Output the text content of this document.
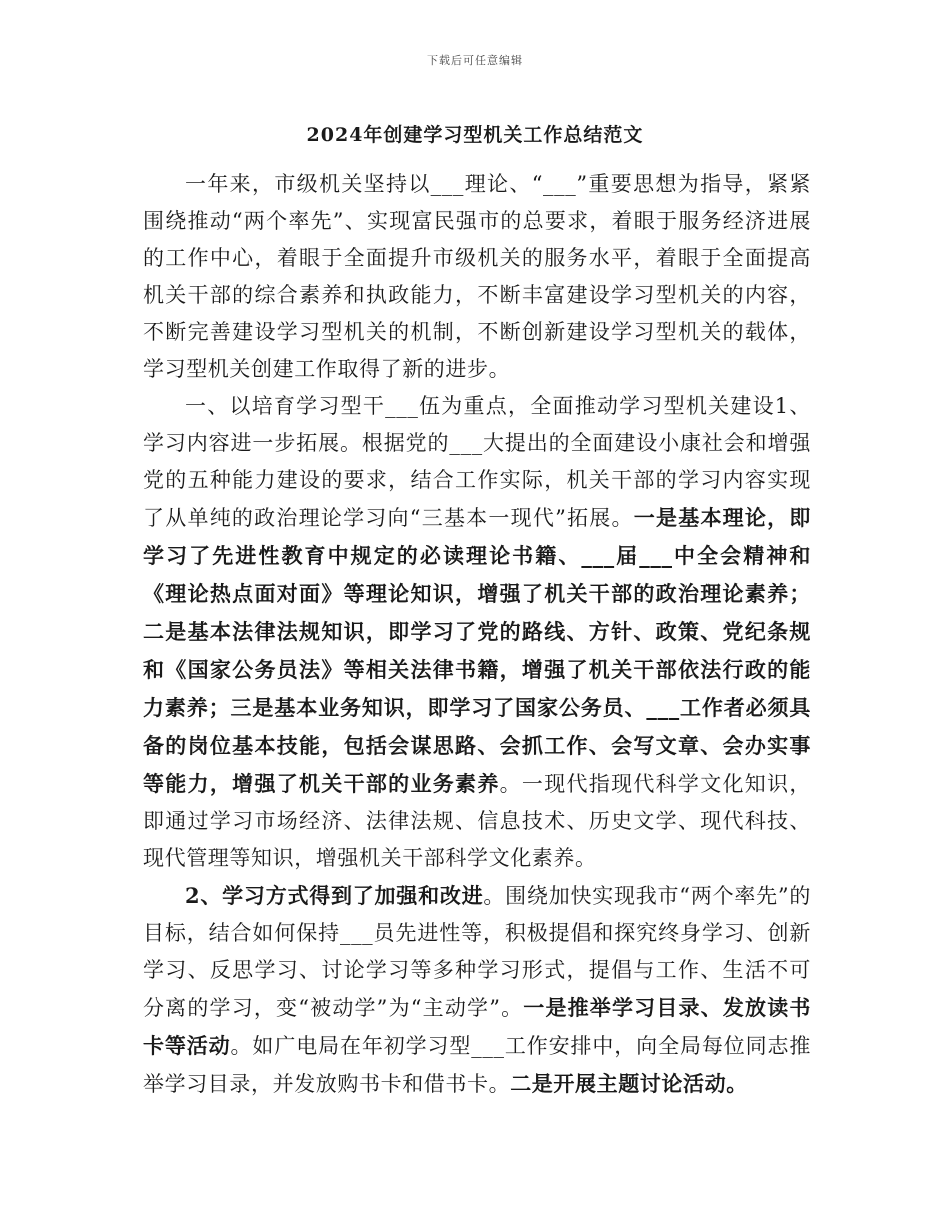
下载后可任意编辑
2024年创建学习型机关工作总结范文

一年来，市级机关坚持以___理论、“___”重要思想为指导，紧紧围绕推动“两个率先”、实现富民强市的总要求，着眼于服务经济进展的工作中心，着眼于全面提升市级机关的服务水平，着眼于全面提高机关干部的综合素养和执政能力，不断丰富建设学习型机关的内容，不断完善建设学习型机关的机制，不断创新建设学习型机关的载体，学习型机关创建工作取得了新的进步。

一、以培育学习型干___伍为重点，全面推动学习型机关建设1、学习内容进一步拓展。根据党的___大提出的全面建设小康社会和增强党的五种能力建设的要求，结合工作实际，机关干部的学习内容实现了从单纯的政治理论学习向“三基本一现代”拓展。一是基本理论，即学习了先进性教育中规定的必读理论书籍、___届___中全会精神和《理论热点面对面》等理论知识，增强了机关干部的政治理论素养；二是基本法律法规知识，即学习了党的路线、方针、政策、党纪条规和《国家公务员法》等相关法律书籍，增强了机关干部依法行政的能力素养；三是基本业务知识，即学习了国家公务员、___工作者必须具备的岗位基本技能，包括会谋思路、会抓工作、会写文章、会办实事等能力，增强了机关干部的业务素养。一现代指现代科学文化知识，即通过学习市场经济、法律法规、信息技术、历史文学、现代科技、现代管理等知识，增强机关干部科学文化素养。

2、学习方式得到了加强和改进。围绕加快实现我市“两个率先”的目标，结合如何保持___员先进性等，积极提倡和探究终身学习、创新学习、反思学习、讨论学习等多种学习形式，提倡与工作、生活不可分离的学习，变“被动学”为“主动学”。一是推举学习目录、发放读书卡等活动。如广电局在年初学习型___工作安排中，向全局每位同志推举学习目录，并发放购书卡和借书卡。二是开展主题讨论活动。
